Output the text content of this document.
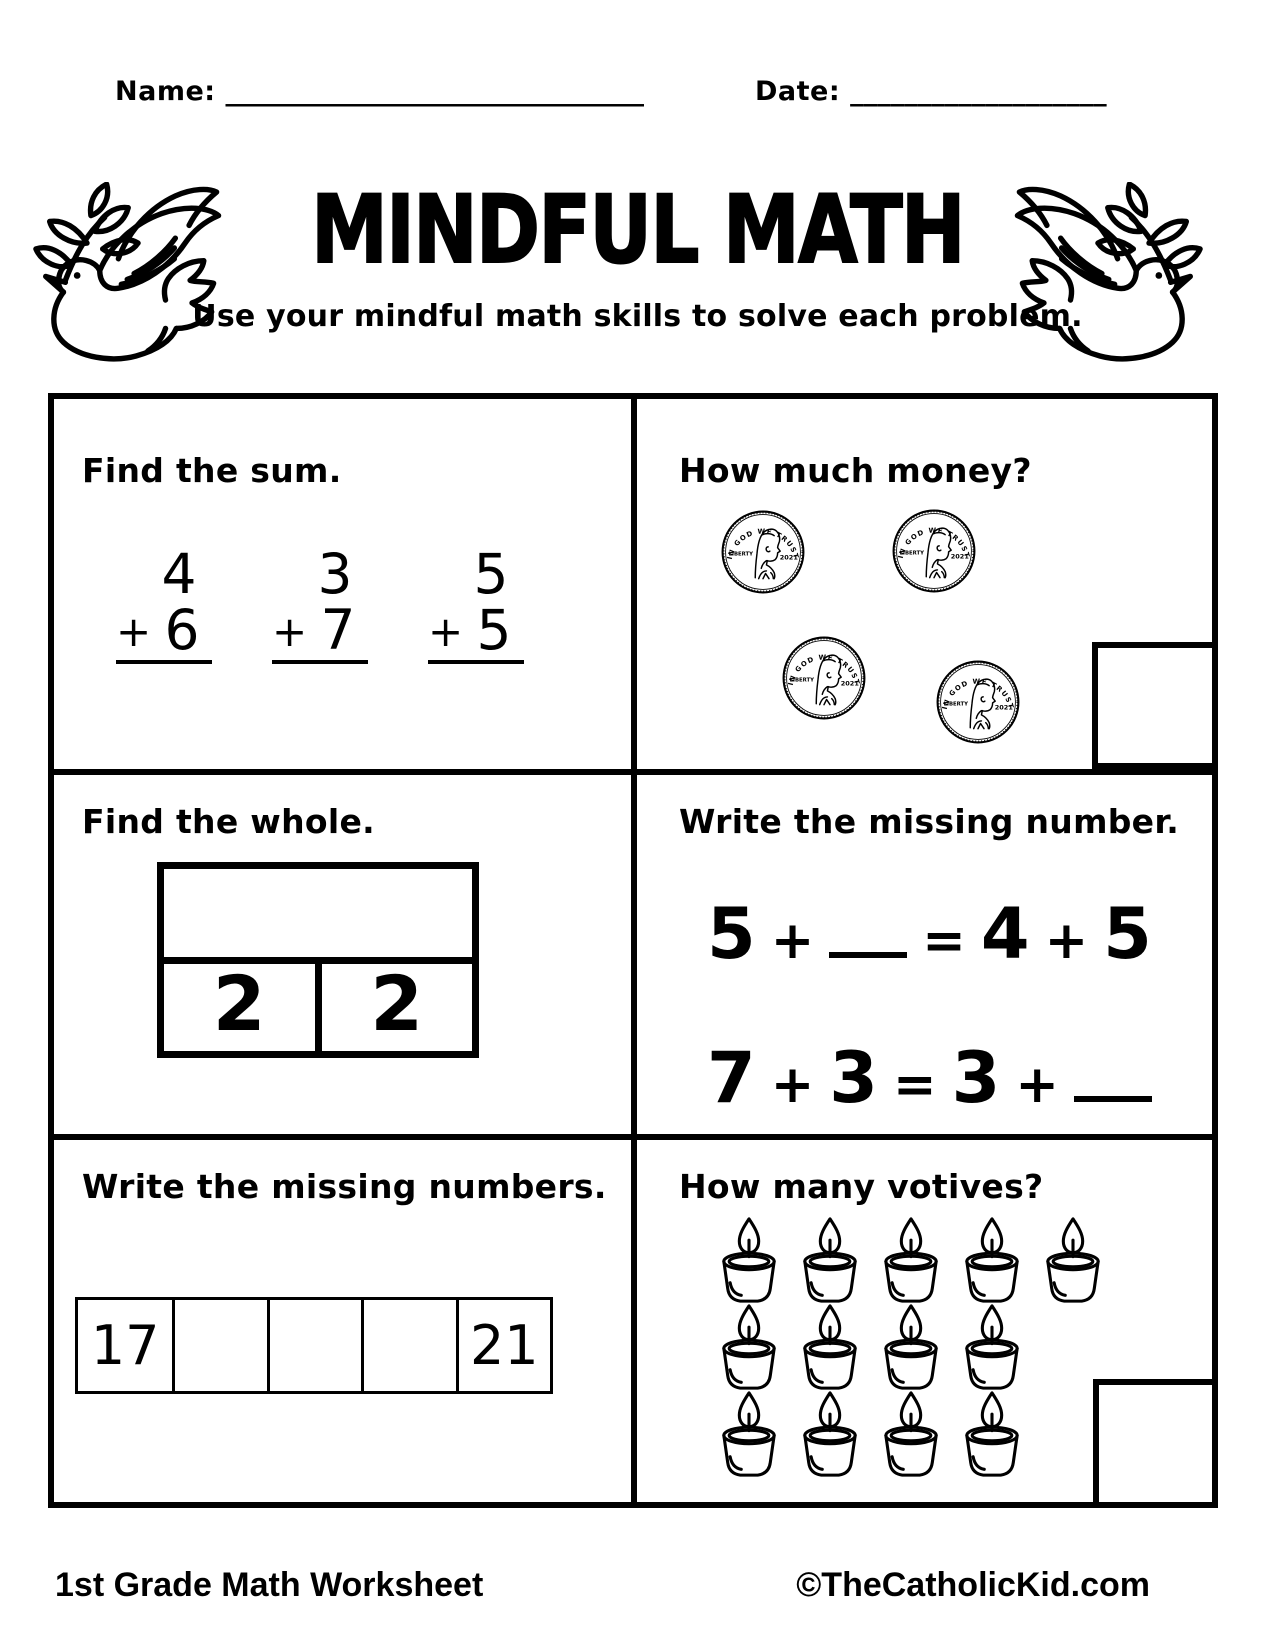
Name: _______________________________	Date: ___________________
MINDFUL MATH
Use your mindful math skills to solve each problem.
Find the sum.
4
+ 6
3
+ 7
5
+ 5
How much money?
Find the whole.
2	2
Write the missing number.
5 + = 4 + 5
7 + 3 = 3 +
Write the missing numbers.
17	21
How many votives?
1st Grade Math Worksheet	©TheCatholicKid.com
